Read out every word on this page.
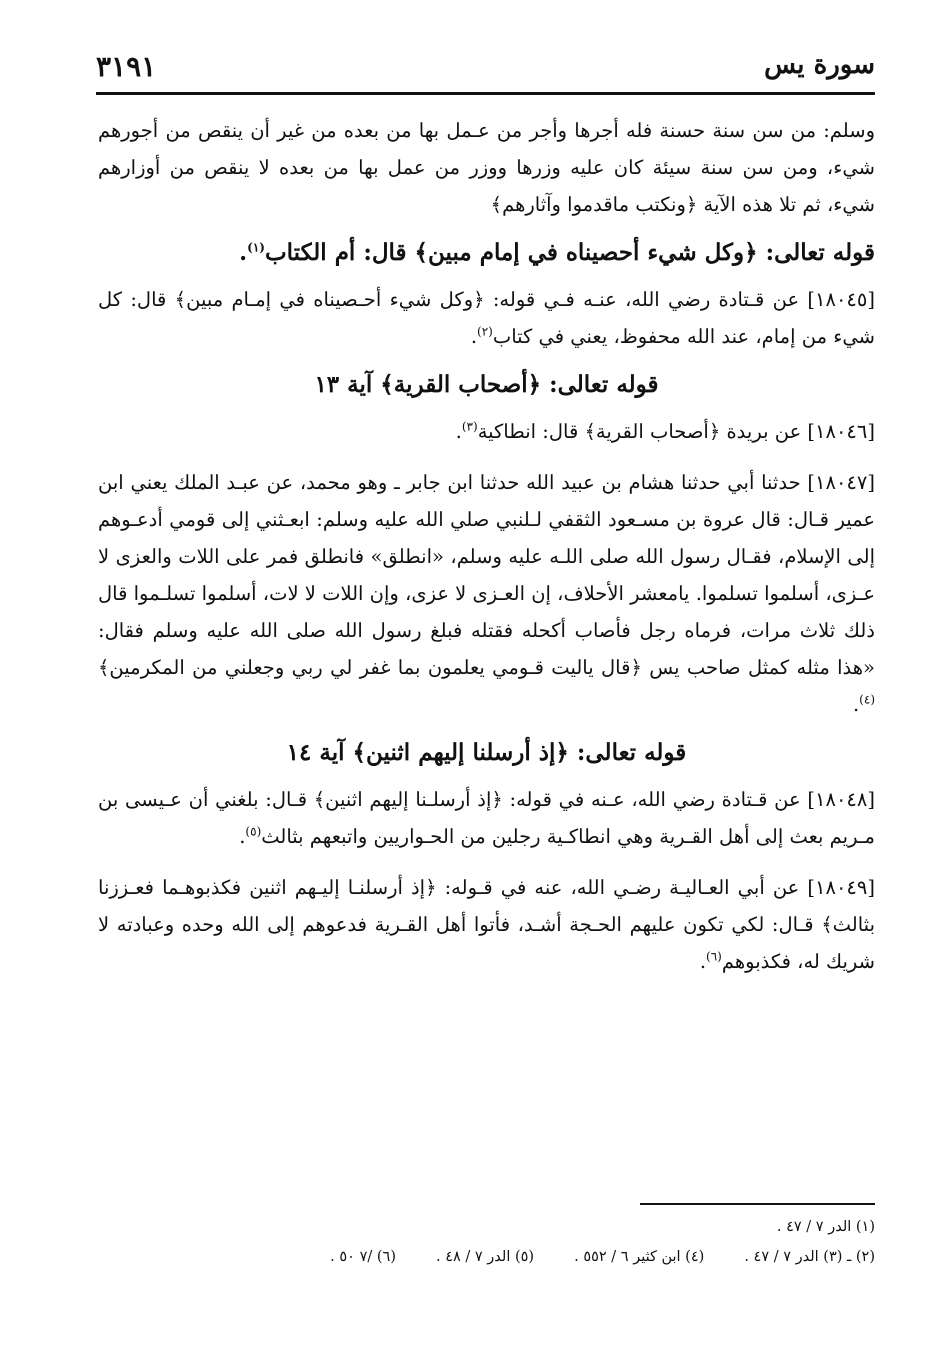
٣١٩١	سورة يس

وسلم: من سن سنة حسنة فله أجرها وأجر من عـمل بها من بعده من غير أن ينقص من أجورهم شيء، ومن سن سنة سيئة كان عليه وزرها ووزر من عمل بها من بعده لا ينقص من أوزارهم شيء، ثم تلا هذه الآية ﴿ونكتب ماقدموا وآثارهم﴾

قوله تعالى: ﴿وكل شيء أحصيناه في إمام مبين﴾ قال: أم الكتاب$^{(١)}$.

[١٨٠٤٥] عن قـتادة رضي الله، عنـه فـي قوله: ﴿وكل شيء أحـصيناه في إمـام مبين﴾ قال: كل شيء من إمام، عند الله محفوظ، يعني في كتاب$^{(٢)}$.

قوله تعالى: ﴿أصحاب القرية﴾ آية ١٣

[١٨٠٤٦] عن بريدة ﴿أصحاب القرية﴾ قال: انطاكية$^{(٣)}$.

[١٨٠٤٧] حدثنا أبي حدثنا هشام بن عبيد الله حدثنا ابن جابر ـ وهو محمد، عن عبـد الملك يعني ابن عمير قـال: قال عروة بن مسـعود الثقفي لـلنبي صلي الله عليه وسلم: ابعـثني إلى قومي أدعـوهم إلى الإسلام، فقـال رسول الله صلى اللـه عليه وسلم، «انطلق» فانطلق فمر على اللات والعزى لا عـزى، أسلموا تسلموا. يامعشر الأحلاف، إن العـزى لا عزى، وإن اللات لا لات، أسلموا تسلـموا قال ذلك ثلاث مرات، فرماه رجل فأصاب أكحله فقتله فبلغ رسول الله صلى الله عليه وسلم فقال: «هذا مثله كمثل صاحب يس ﴿قال ياليت قـومي يعلمون بما غفر لي ربي وجعلني من المكرمين﴾$^{(٤)}$.

قوله تعالى: ﴿إذ أرسلنا إليهم اثنين﴾ آية ١٤

[١٨٠٤٨] عن قـتادة رضي الله، عـنه في قوله: ﴿إذ أرسلـنا إليهم اثنين﴾ قـال: بلغني أن عـيسى بن مـريم بعث إلى أهل القـرية وهي انطاكـية رجلين من الحـواريين واتبعهم بثالث$^{(٥)}$.

[١٨٠٤٩] عن أبي العـاليـة رضـي الله، عنه في قـوله: ﴿إذ أرسلنـا إليـهم اثنين فكذبوهـما فعـززنا بثالث﴾ قـال: لكي تكون عليهم الحـجة أشـد، فأتوا أهل القـرية فدعوهم إلى الله وحده وعبادته لا شريك له، فكذبوهم$^{(٦)}$.

(١) الدر ٧ / ٤٧ .
(٢) ـ (٣) الدر ٧ / ٤٧ .
(٤) ابن كثير ٦ / ٥٥٢ .
(٥) الدر ٧ / ٤٨ .
(٦) /٧ ٥٠ .
